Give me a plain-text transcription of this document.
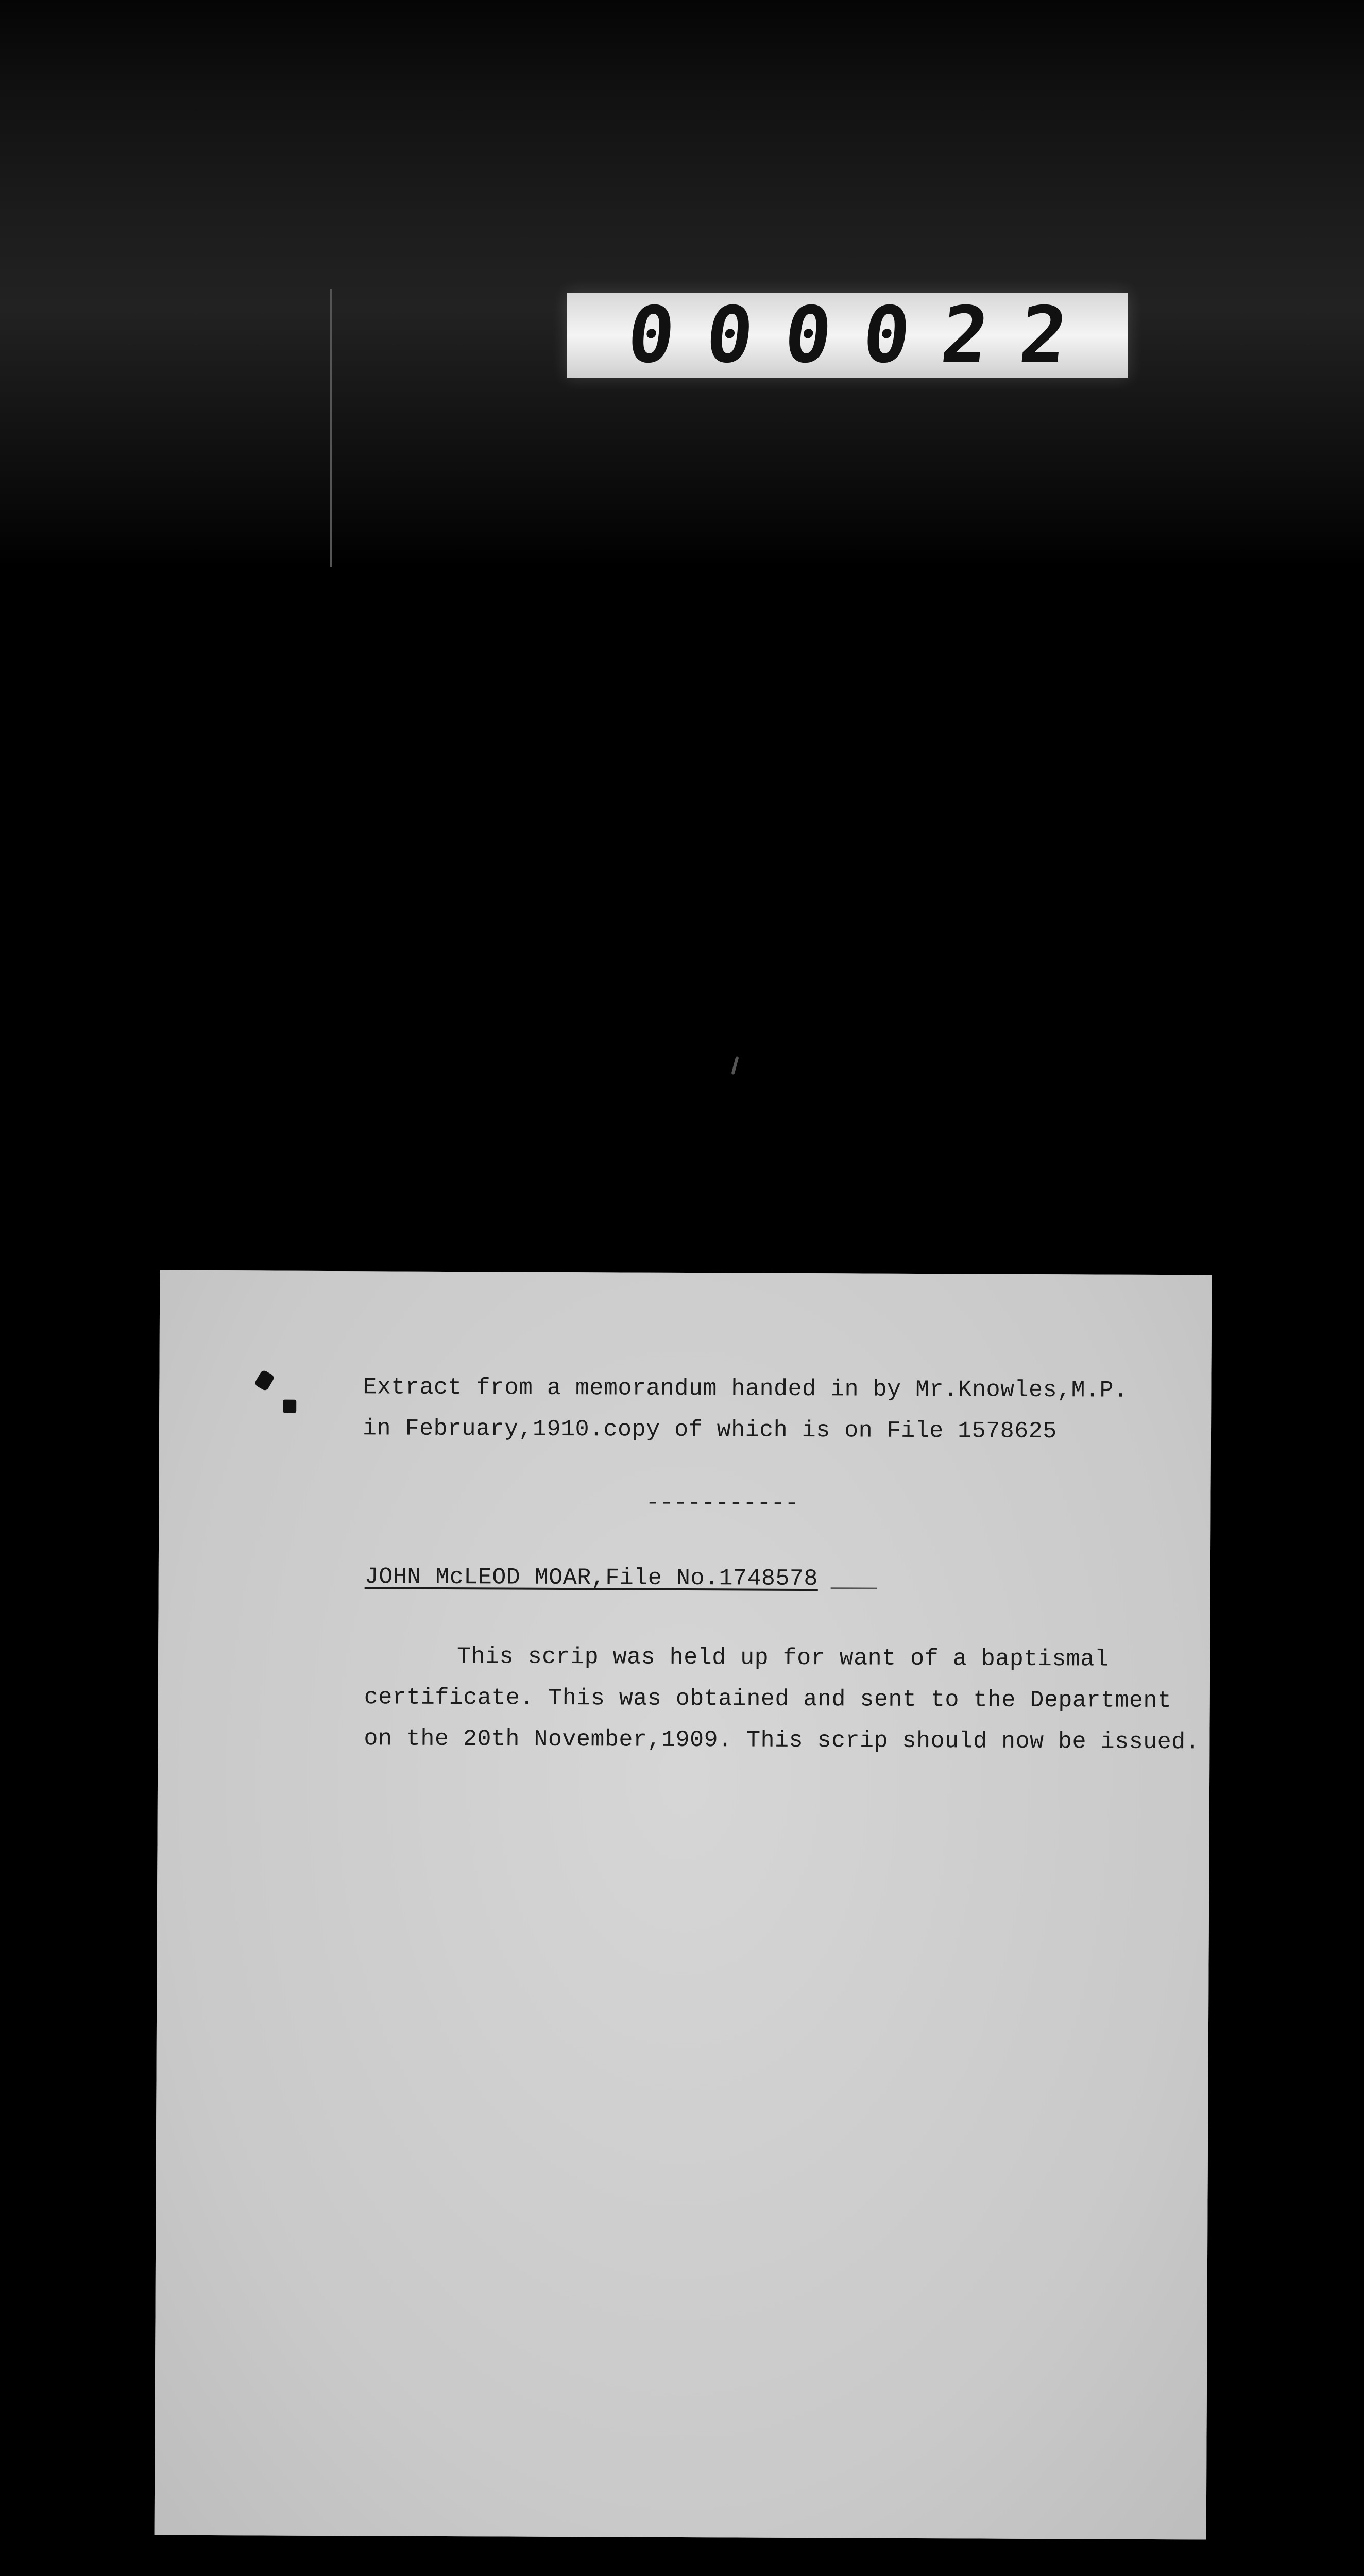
000022
Extract from a memorandum handed in by Mr.Knowles,M.P.
in February,1910.copy of which is on File 1578625
-----------
JOHN McLEOD MOAR,File No.1748578
This scrip was held up for want of a baptismal
certificate. This was obtained and sent to the Department
on the 20th November,1909. This scrip should now be issued.
